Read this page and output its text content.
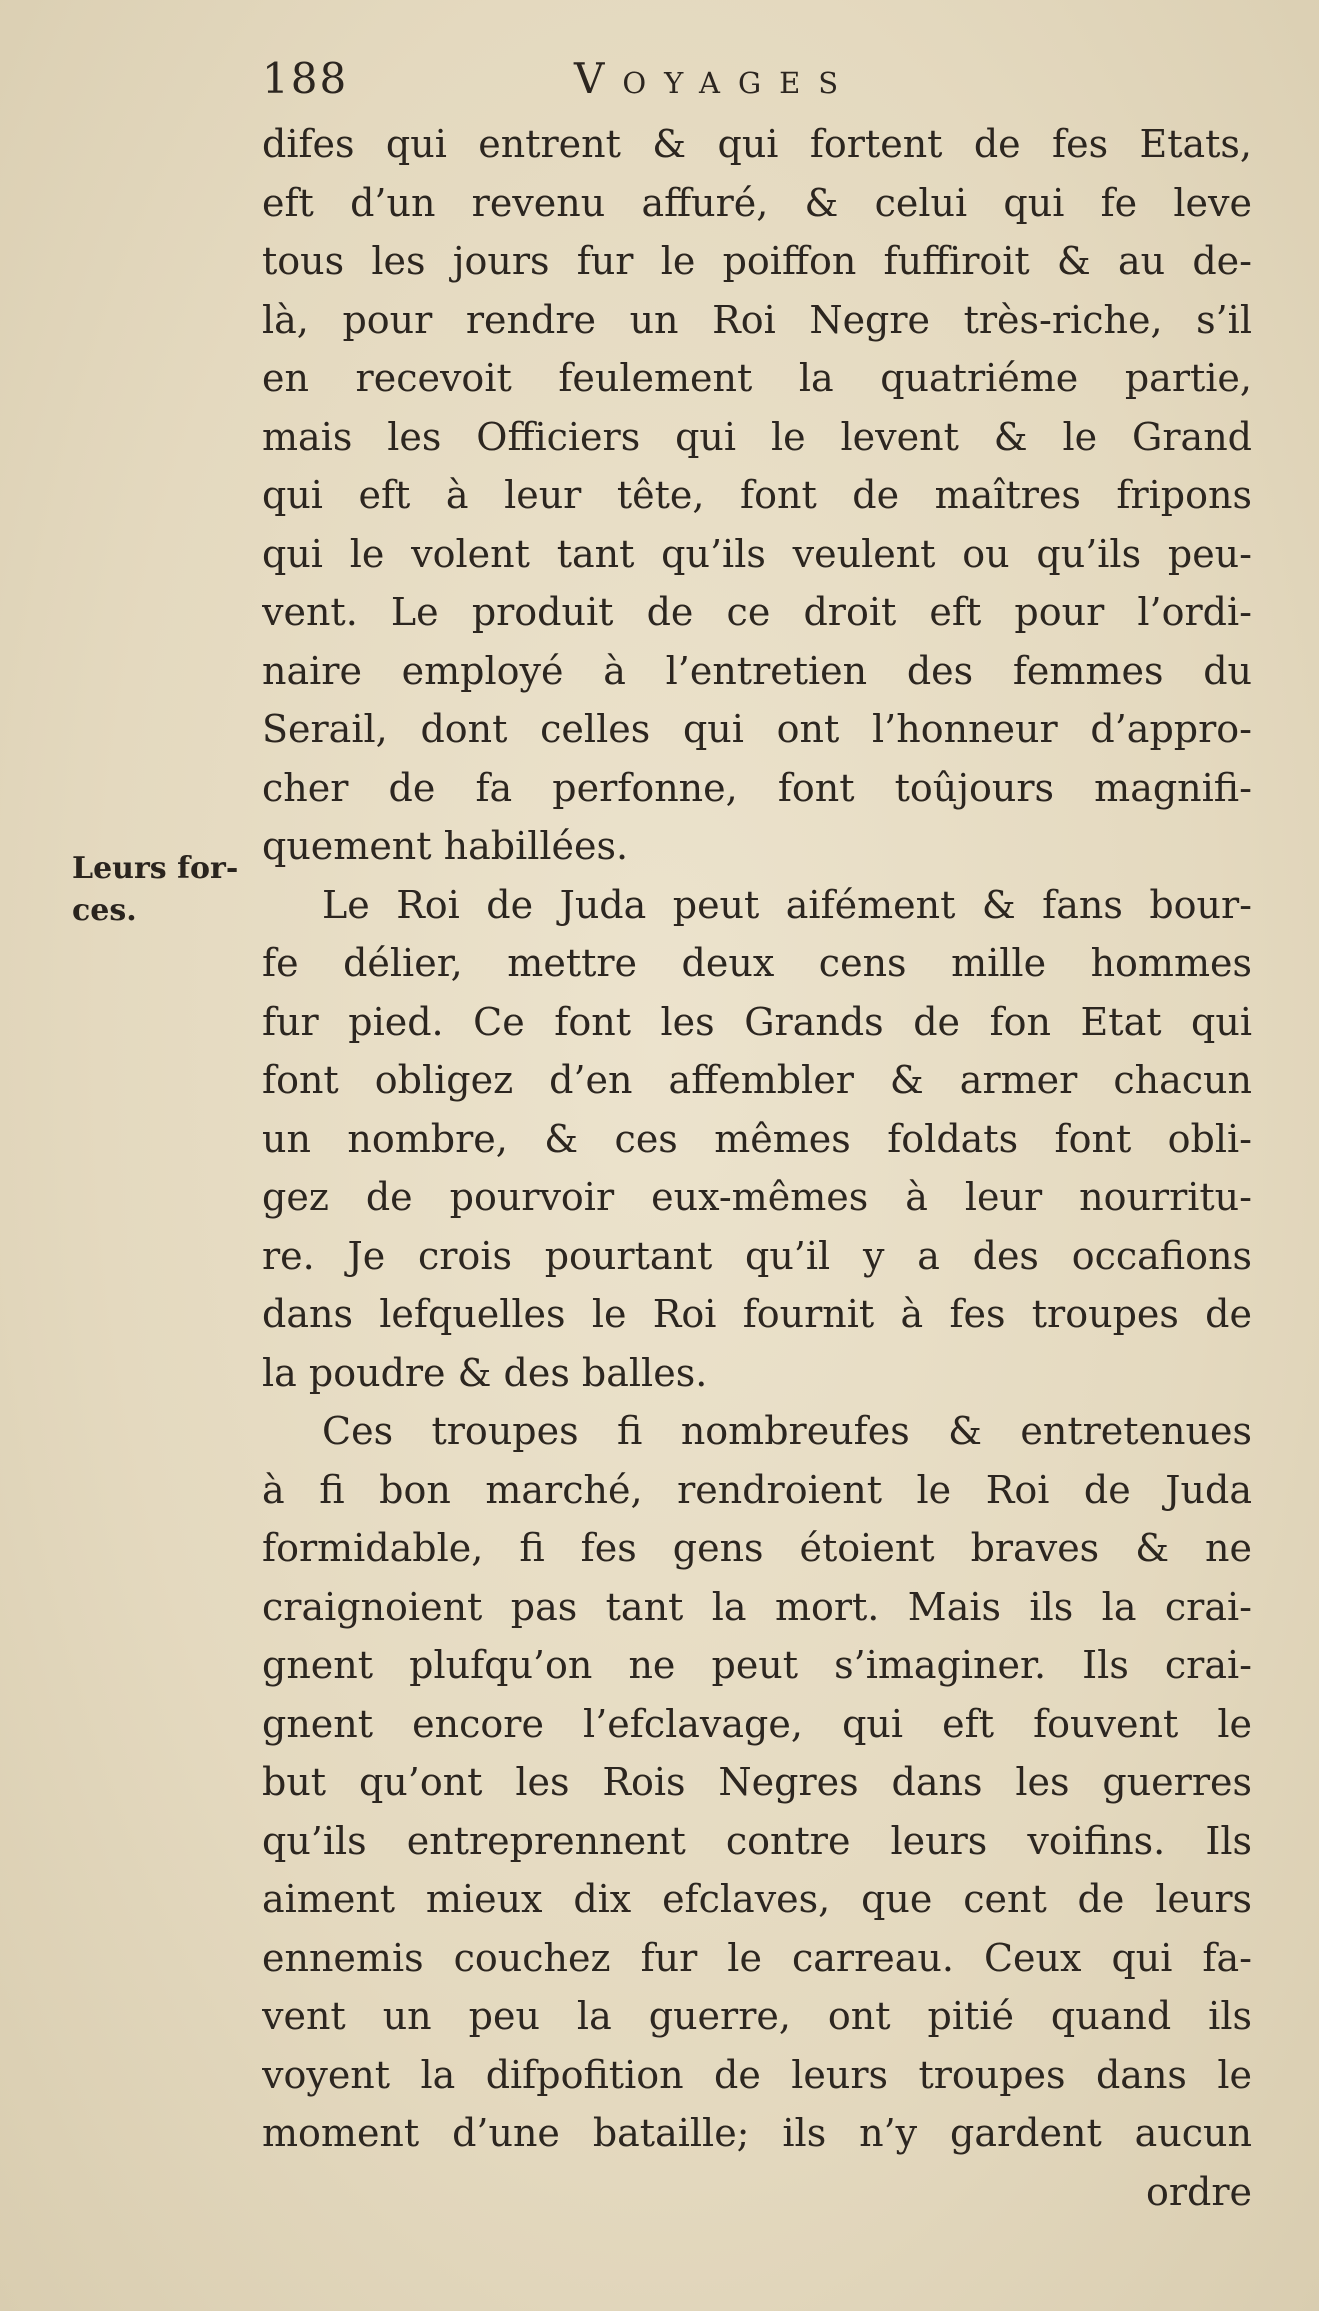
188	Voyages
Leurs for-
ces.
difes qui entrent & qui fortent de fes Etats,
eft d’un revenu affuré, & celui qui fe leve
tous les jours fur le poiffon fuffiroit & au de-
là, pour rendre un Roi Negre très-riche, s’il
en recevoit feulement la quatriéme partie,
mais les Officiers qui le levent & le Grand
qui eft à leur tête, font de maîtres fripons
qui le volent tant qu’ils veulent ou qu’ils peu-
vent. Le produit de ce droit eft pour l’ordi-
naire employé à l’entretien des femmes du
Serail, dont celles qui ont l’honneur d’appro-
cher de fa perfonne, font toûjours magnifi-
quement habillées.
Le Roi de Juda peut aifément & fans bour-
fe délier, mettre deux cens mille hommes
fur pied. Ce font les Grands de fon Etat qui
font obligez d’en affembler & armer chacun
un nombre, & ces mêmes foldats font obli-
gez de pourvoir eux-mêmes à leur nourritu-
re. Je crois pourtant qu’il y a des occafions
dans lefquelles le Roi fournit à fes troupes de
la poudre & des balles.
Ces troupes fi nombreufes & entretenues
à fi bon marché, rendroient le Roi de Juda
formidable, fi fes gens étoient braves & ne
craignoient pas tant la mort. Mais ils la crai-
gnent plufqu’on ne peut s’imaginer. Ils crai-
gnent encore l’efclavage, qui eft fouvent le
but qu’ont les Rois Negres dans les guerres
qu’ils entreprennent contre leurs voifins. Ils
aiment mieux dix efclaves, que cent de leurs
ennemis couchez fur le carreau. Ceux qui fa-
vent un peu la guerre, ont pitié quand ils
voyent la difpofition de leurs troupes dans le
moment d’une bataille; ils n’y gardent aucun
ordre
